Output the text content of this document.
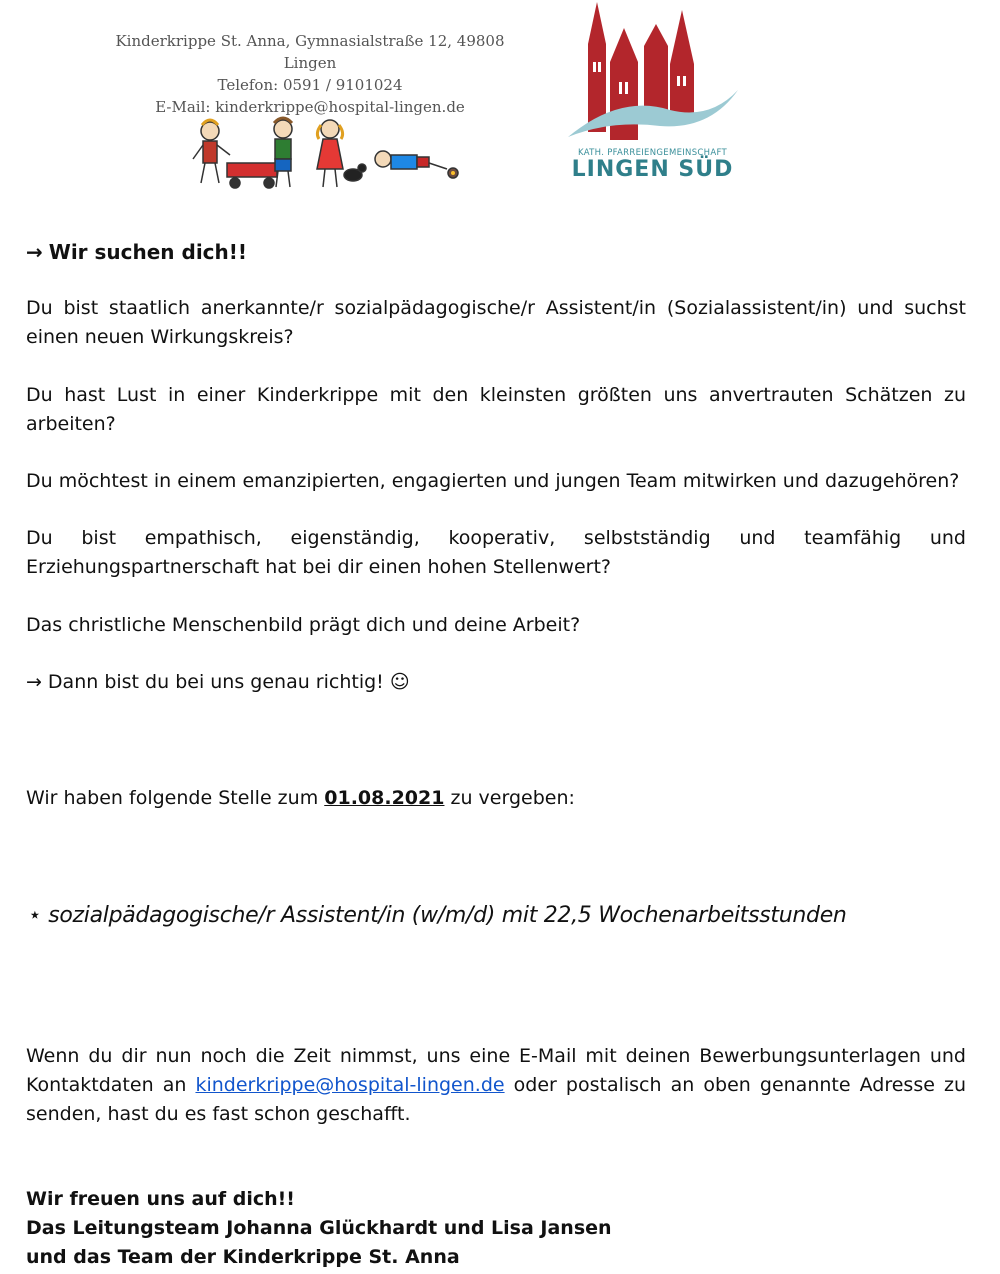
Kinderkrippe St. Anna, Gymnasialstraße 12, 49808 Lingen
Telefon: 0591 / 9101024
E-Mail: kinderkrippe@hospital-lingen.de
KATH. PFARREIENGEMEINSCHAFT
LINGEN SÜD
→ Wir suchen dich!!

Du bist staatlich anerkannte/r sozialpädagogische/r Assistent/in (Sozialassistent/in) und suchst einen neuen Wirkungskreis?

Du hast Lust in einer Kinderkrippe mit den kleinsten größten uns anvertrauten Schätzen zu arbeiten?

Du möchtest in einem emanzipierten, engagierten und jungen Team mitwirken und dazugehören?

Du bist empathisch, eigenständig, kooperativ, selbstständig und teamfähig und Erziehungspartnerschaft hat bei dir einen hohen Stellenwert?

Das christliche Menschenbild prägt dich und deine Arbeit?

→ Dann bist du bei uns genau richtig! ☺
Wir haben folgende Stelle zum 01.08.2021 zu vergeben:
⋆ sozialpädagogische/r Assistent/in (w/m/d) mit 22,5 Wochenarbeitsstunden

Wenn du dir nun noch die Zeit nimmst, uns eine E-Mail mit deinen Bewerbungsunterlagen und Kontaktdaten an kinderkrippe@hospital-lingen.de oder postalisch an oben genannte Adresse zu senden, hast du es fast schon geschafft.

Wir freuen uns auf dich!!
Das Leitungsteam Johanna Glückhardt und Lisa Jansen
und das Team der Kinderkrippe St. Anna
